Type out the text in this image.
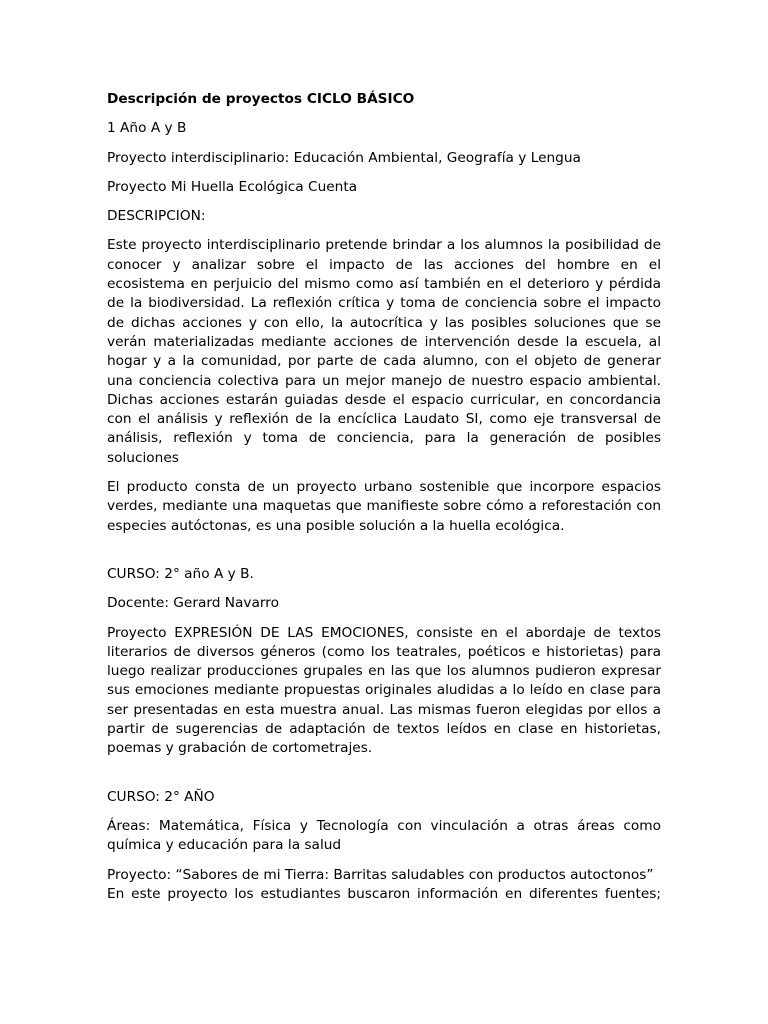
Descripción de proyectos CICLO BÁSICO

1 Año A y B

Proyecto interdisciplinario: Educación Ambiental, Geografía y Lengua

Proyecto Mi Huella Ecológica Cuenta

DESCRIPCION:

Este proyecto interdisciplinario pretende brindar a los alumnos la posibilidad de conocer y analizar sobre el impacto de las acciones del hombre en el ecosistema en perjuicio del mismo como así también en el deterioro y pérdida de la biodiversidad. La reflexión crítica y toma de conciencia sobre el impacto de dichas acciones y con ello, la autocrítica y las posibles soluciones que se verán materializadas mediante acciones de intervención desde la escuela, al hogar y a la comunidad, por parte de cada alumno, con el objeto de generar una conciencia colectiva para un mejor manejo de nuestro espacio ambiental. Dichas acciones estarán guiadas desde el espacio curricular, en concordancia con el análisis y reflexión de la encíclica Laudato SI, como eje transversal de análisis, reflexión y toma de conciencia, para la generación de posibles soluciones

El producto consta de un proyecto urbano sostenible que incorpore espacios verdes, mediante una maquetas que manifieste sobre cómo a reforestación con especies autóctonas, es una posible solución a la huella ecológica.

CURSO: 2° año A y B.

Docente: Gerard Navarro

Proyecto EXPRESIÓN DE LAS EMOCIONES, consiste en el abordaje de textos literarios de diversos géneros (como los teatrales, poéticos e historietas) para luego realizar producciones grupales en las que los alumnos pudieron expresar sus emociones mediante propuestas originales aludidas a lo leído en clase para ser presentadas en esta muestra anual. Las mismas fueron elegidas por ellos a partir de sugerencias de adaptación de textos leídos en clase en historietas, poemas y grabación de cortometrajes.

CURSO: 2° AÑO

Áreas: Matemática, Física y Tecnología con vinculación a otras áreas como química y educación para la salud

Proyecto: “Sabores de mi Tierra: Barritas saludables con productos autoctonos”

En este proyecto los estudiantes buscaron información en diferentes fuentes;
